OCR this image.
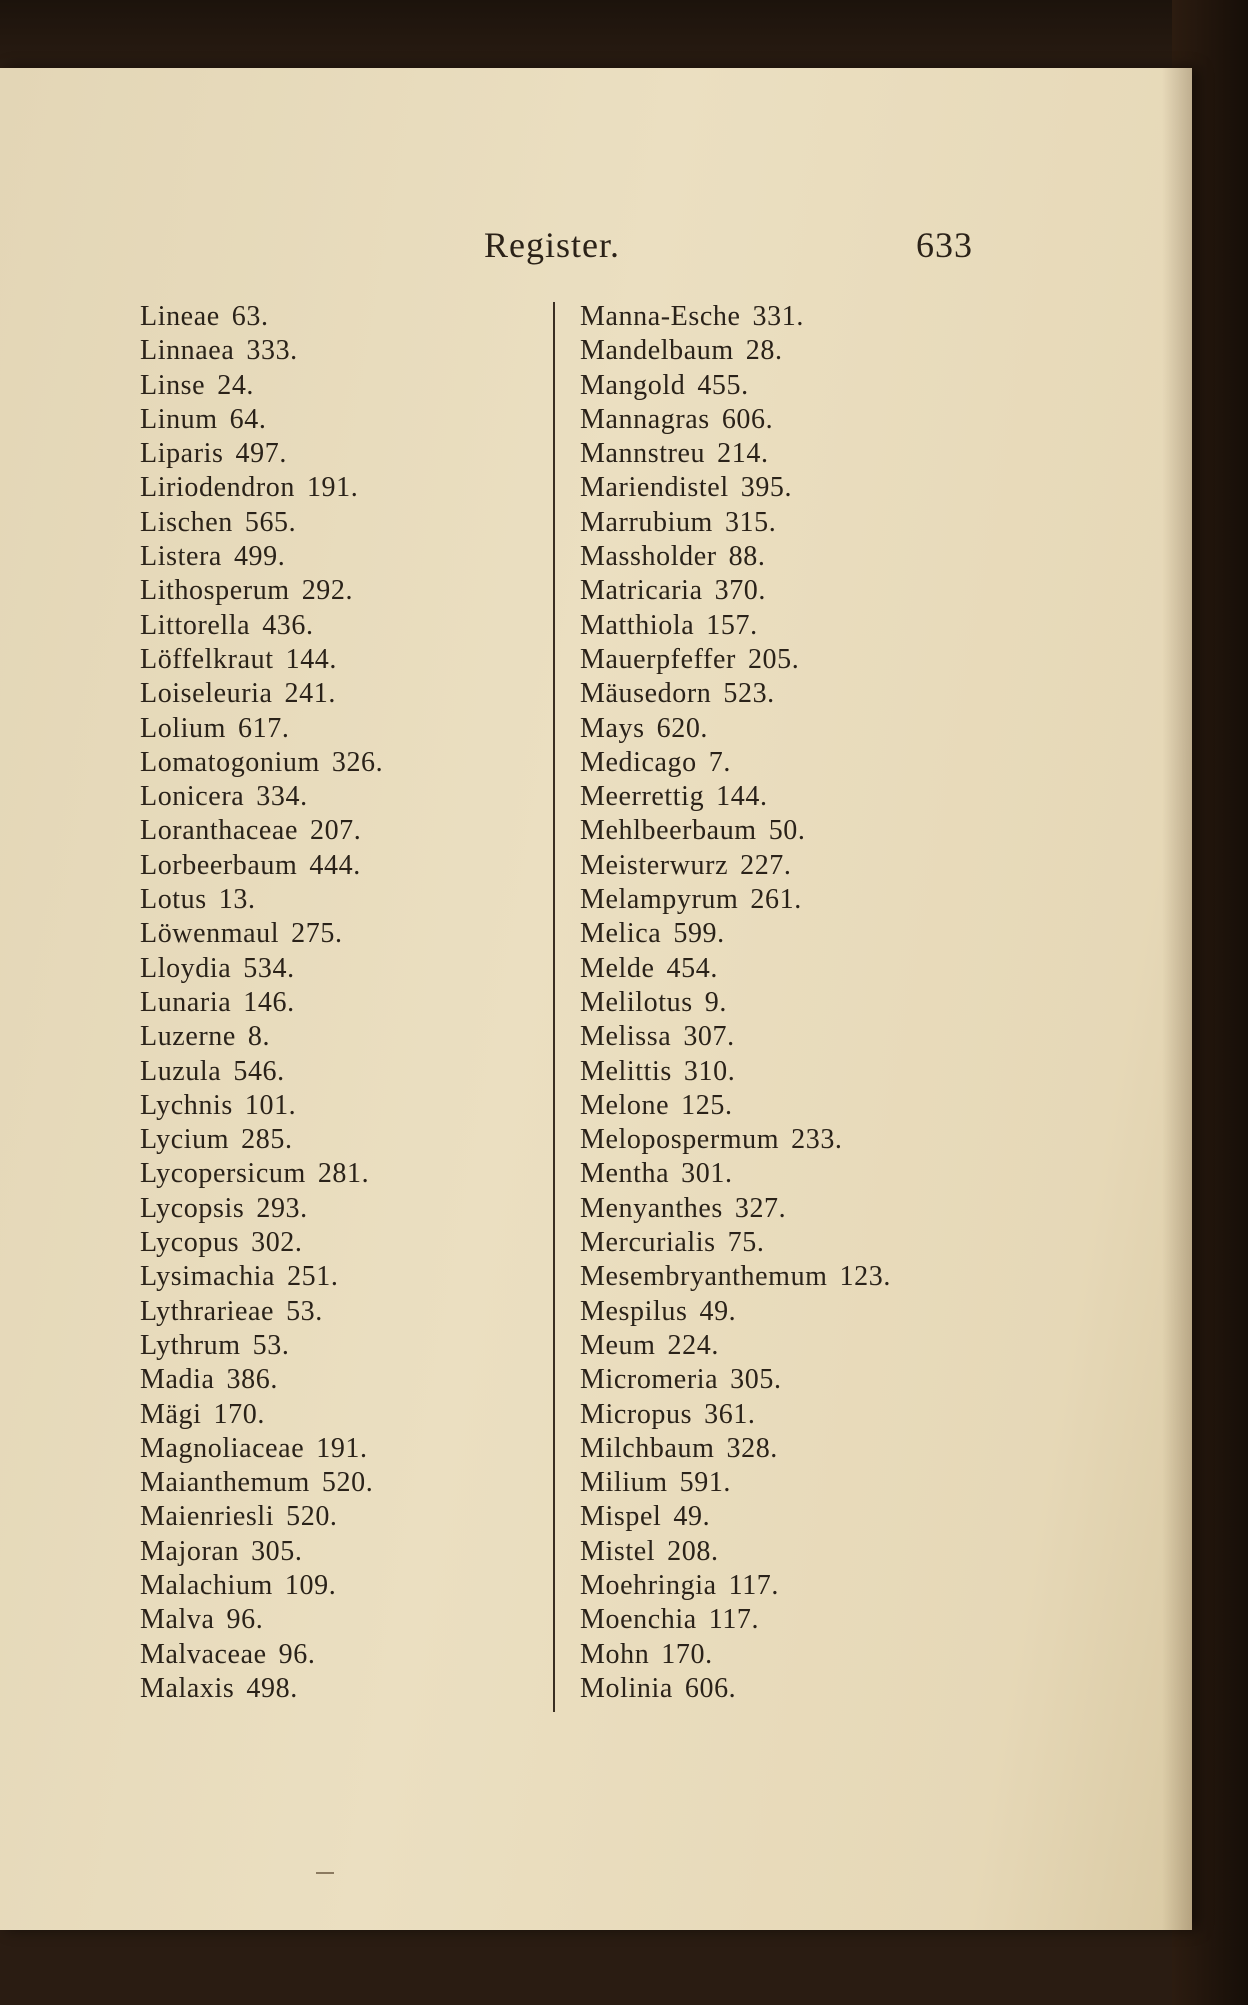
Register.	633
Lineae 63.
Linnaea 333.
Linse 24.
Linum 64.
Liparis 497.
Liriodendron 191.
Lischen 565.
Listera 499.
Lithosperum 292.
Littorella 436.
Löffelkraut 144.
Loiseleuria 241.
Lolium 617.
Lomatogonium 326.
Lonicera 334.
Loranthaceae 207.
Lorbeerbaum 444.
Lotus 13.
Löwenmaul 275.
Lloydia 534.
Lunaria 146.
Luzerne 8.
Luzula 546.
Lychnis 101.
Lycium 285.
Lycopersicum 281.
Lycopsis 293.
Lycopus 302.
Lysimachia 251.
Lythrarieae 53.
Lythrum 53.
Madia 386.
Mägi 170.
Magnoliaceae 191.
Maianthemum 520.
Maienriesli 520.
Majoran 305.
Malachium 109.
Malva 96.
Malvaceae 96.
Malaxis 498.
Manna-Esche 331.
Mandelbaum 28.
Mangold 455.
Mannagras 606.
Mannstreu 214.
Mariendistel 395.
Marrubium 315.
Massholder 88.
Matricaria 370.
Matthiola 157.
Mauerpfeffer 205.
Mäusedorn 523.
Mays 620.
Medicago 7.
Meerrettig 144.
Mehlbeerbaum 50.
Meisterwurz 227.
Melampyrum 261.
Melica 599.
Melde 454.
Melilotus 9.
Melissa 307.
Melittis 310.
Melone 125.
Melopospermum 233.
Mentha 301.
Menyanthes 327.
Mercurialis 75.
Mesembryanthemum 123.
Mespilus 49.
Meum 224.
Micromeria 305.
Micropus 361.
Milchbaum 328.
Milium 591.
Mispel 49.
Mistel 208.
Moehringia 117.
Moenchia 117.
Mohn 170.
Molinia 606.
